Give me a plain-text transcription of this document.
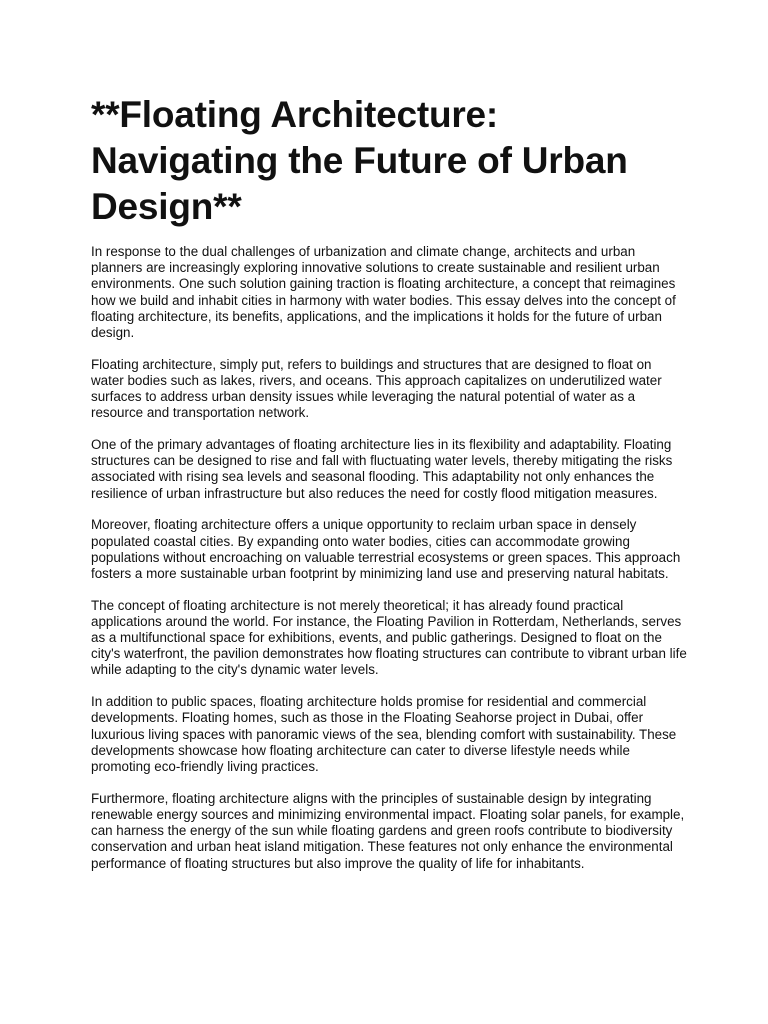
**Floating Architecture: Navigating the Future of Urban Design**

In response to the dual challenges of urbanization and climate change, architects and urban planners are increasingly exploring innovative solutions to create sustainable and resilient urban environments. One such solution gaining traction is floating architecture, a concept that reimagines how we build and inhabit cities in harmony with water bodies. This essay delves into the concept of floating architecture, its benefits, applications, and the implications it holds for the future of urban design.

Floating architecture, simply put, refers to buildings and structures that are designed to float on water bodies such as lakes, rivers, and oceans. This approach capitalizes on underutilized water surfaces to address urban density issues while leveraging the natural potential of water as a resource and transportation network.

One of the primary advantages of floating architecture lies in its flexibility and adaptability. Floating structures can be designed to rise and fall with fluctuating water levels, thereby mitigating the risks associated with rising sea levels and seasonal flooding. This adaptability not only enhances the resilience of urban infrastructure but also reduces the need for costly flood mitigation measures.

Moreover, floating architecture offers a unique opportunity to reclaim urban space in densely populated coastal cities. By expanding onto water bodies, cities can accommodate growing populations without encroaching on valuable terrestrial ecosystems or green spaces. This approach fosters a more sustainable urban footprint by minimizing land use and preserving natural habitats.

The concept of floating architecture is not merely theoretical; it has already found practical applications around the world. For instance, the Floating Pavilion in Rotterdam, Netherlands, serves as a multifunctional space for exhibitions, events, and public gatherings. Designed to float on the city's waterfront, the pavilion demonstrates how floating structures can contribute to vibrant urban life while adapting to the city's dynamic water levels.

In addition to public spaces, floating architecture holds promise for residential and commercial developments. Floating homes, such as those in the Floating Seahorse project in Dubai, offer luxurious living spaces with panoramic views of the sea, blending comfort with sustainability. These developments showcase how floating architecture can cater to diverse lifestyle needs while promoting eco-friendly living practices.

Furthermore, floating architecture aligns with the principles of sustainable design by integrating renewable energy sources and minimizing environmental impact. Floating solar panels, for example, can harness the energy of the sun while floating gardens and green roofs contribute to biodiversity conservation and urban heat island mitigation. These features not only enhance the environmental performance of floating structures but also improve the quality of life for inhabitants.
